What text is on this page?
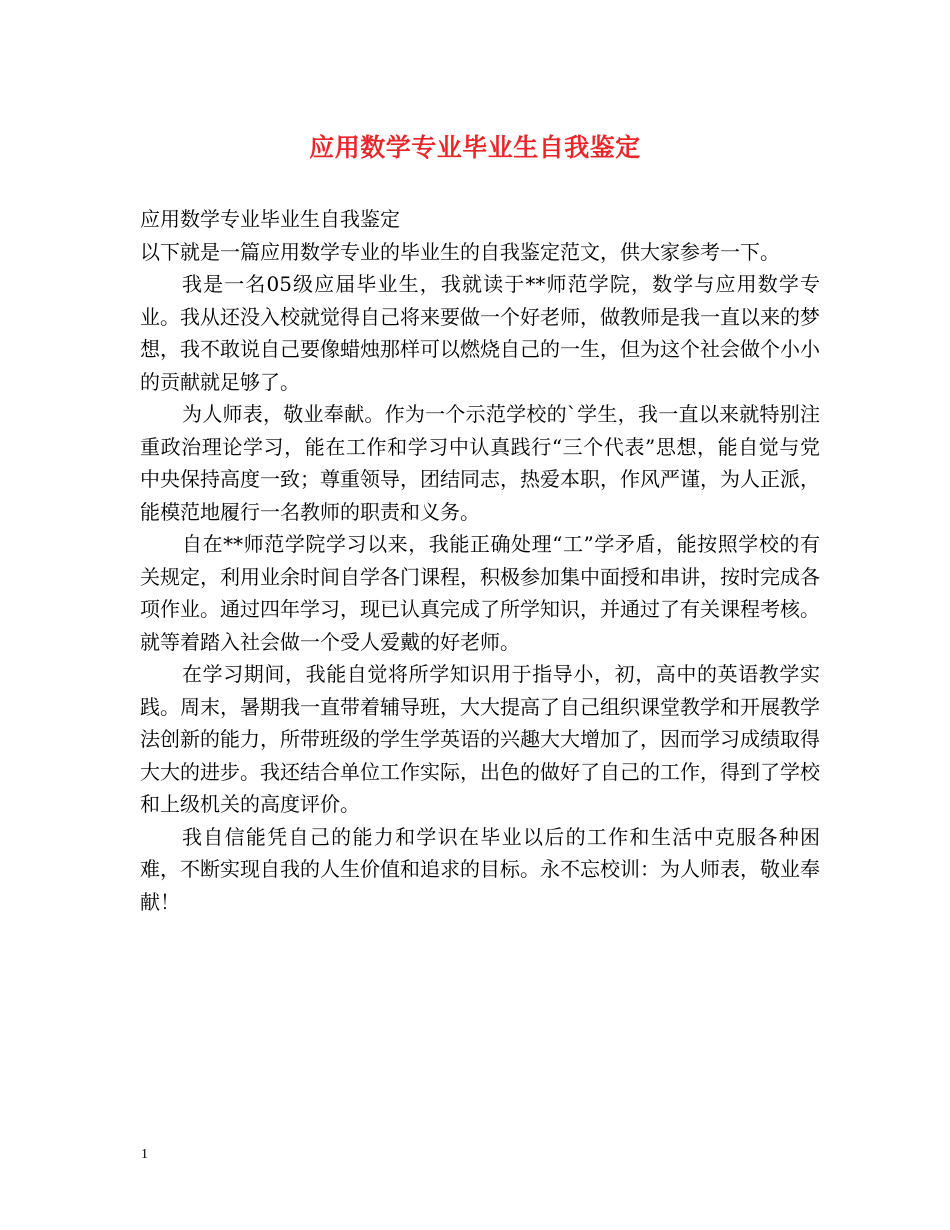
应用数学专业毕业生自我鉴定
应用数学专业毕业生自我鉴定
以下就是一篇应用数学专业的毕业生的自我鉴定范文，供大家参考一下。

我是一名05级应届毕业生，我就读于**师范学院，数学与应用数学专业。我从还没入校就觉得自己将来要做一个好老师，做教师是我一直以来的梦想，我不敢说自己要像蜡烛那样可以燃烧自己的一生，但为这个社会做个小小的贡献就足够了。

为人师表，敬业奉献。作为一个示范学校的`学生，我一直以来就特别注重政治理论学习，能在工作和学习中认真践行“三个代表”思想，能自觉与党中央保持高度一致；尊重领导，团结同志，热爱本职，作风严谨，为人正派，能模范地履行一名教师的职责和义务。

自在**师范学院学习以来，我能正确处理“工”学矛盾，能按照学校的有关规定，利用业余时间自学各门课程，积极参加集中面授和串讲，按时完成各项作业。通过四年学习，现已认真完成了所学知识，并通过了有关课程考核。就等着踏入社会做一个受人爱戴的好老师。

在学习期间，我能自觉将所学知识用于指导小，初，高中的英语教学实践。周末，暑期我一直带着辅导班，大大提高了自己组织课堂教学和开展教学法创新的能力，所带班级的学生学英语的兴趣大大增加了，因而学习成绩取得大大的进步。我还结合单位工作实际，出色的做好了自己的工作，得到了学校和上级机关的高度评价。

我自信能凭自己的能力和学识在毕业以后的工作和生活中克服各种困难，不断实现自我的人生价值和追求的目标。永不忘校训：为人师表，敬业奉献！

1
